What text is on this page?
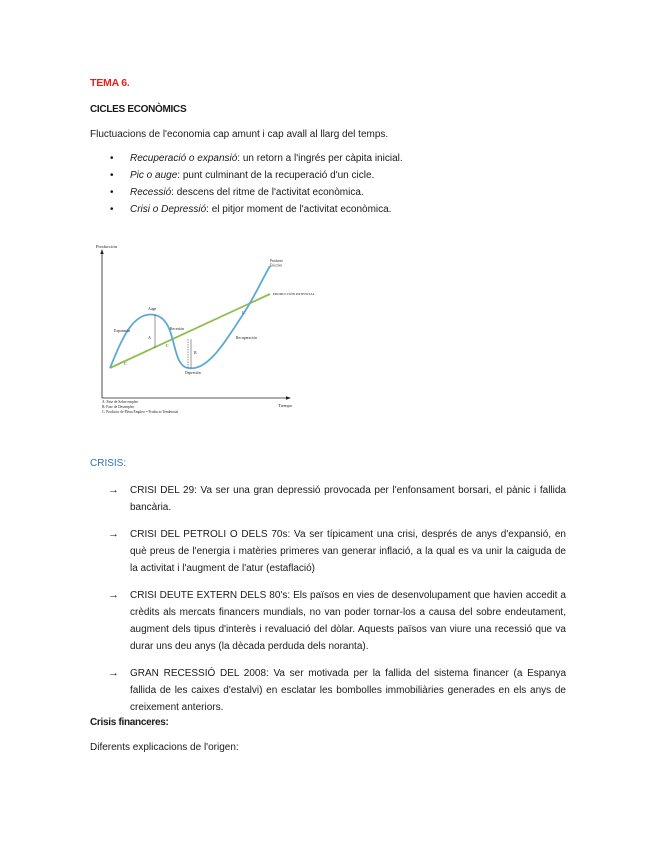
TEMA 6.
CICLES ECONÒMICS
Fluctuacions de l'economia cap amunt i cap avall al llarg del temps.
• Recuperació o expansió: un retorn a l'ingrés per càpita inicial.
• Pic o auge: punt culminant de la recuperació d'un cicle.
• Recessió: descens del ritme de l'activitat econòmica.
• Crisi o Depressió: el pitjor moment de l'activitat econòmica.
Producción
Tiempo
PRODUCCIÓN POTENCIAL
Producto
Efectivo
Expansión
Auge
Recesión
Depresión
Recuperación
A
B
C
C
C
A: Fase de Sobre empleo
B: Fase de Desempleo
C: Producto de Pleno Empleo = Producto Tendencial
CRISIS:
→ CRISI DEL 29: Va ser una gran depressió provocada per l'enfonsament borsari, el pànic i fallida bancària.
→ CRISI DEL PETROLI O DELS 70s: Va ser típicament una crisi, després de anys d'expansió, en què preus de l'energia i matèries primeres van generar inflació, a la qual es va unir la caiguda de la activitat i l'augment de l'atur (estaflació)
→ CRISI DEUTE EXTERN DELS 80's: Els països en vies de desenvolupament que havien accedit a crèdits als mercats financers mundials, no van poder tornar-los a causa del sobre endeutament, augment dels tipus d'interès i revaluació del dòlar. Aquests països van viure una recessió que va durar uns deu anys (la dècada perduda dels noranta).
→ GRAN RECESSIÓ DEL 2008: Va ser motivada per la fallida del sistema financer (a Espanya fallida de les caixes d'estalvi) en esclatar les bombolles immobiliàries generades en els anys de creixement anteriors.
Crisis financeres:
Diferents explicacions de l'origen:
